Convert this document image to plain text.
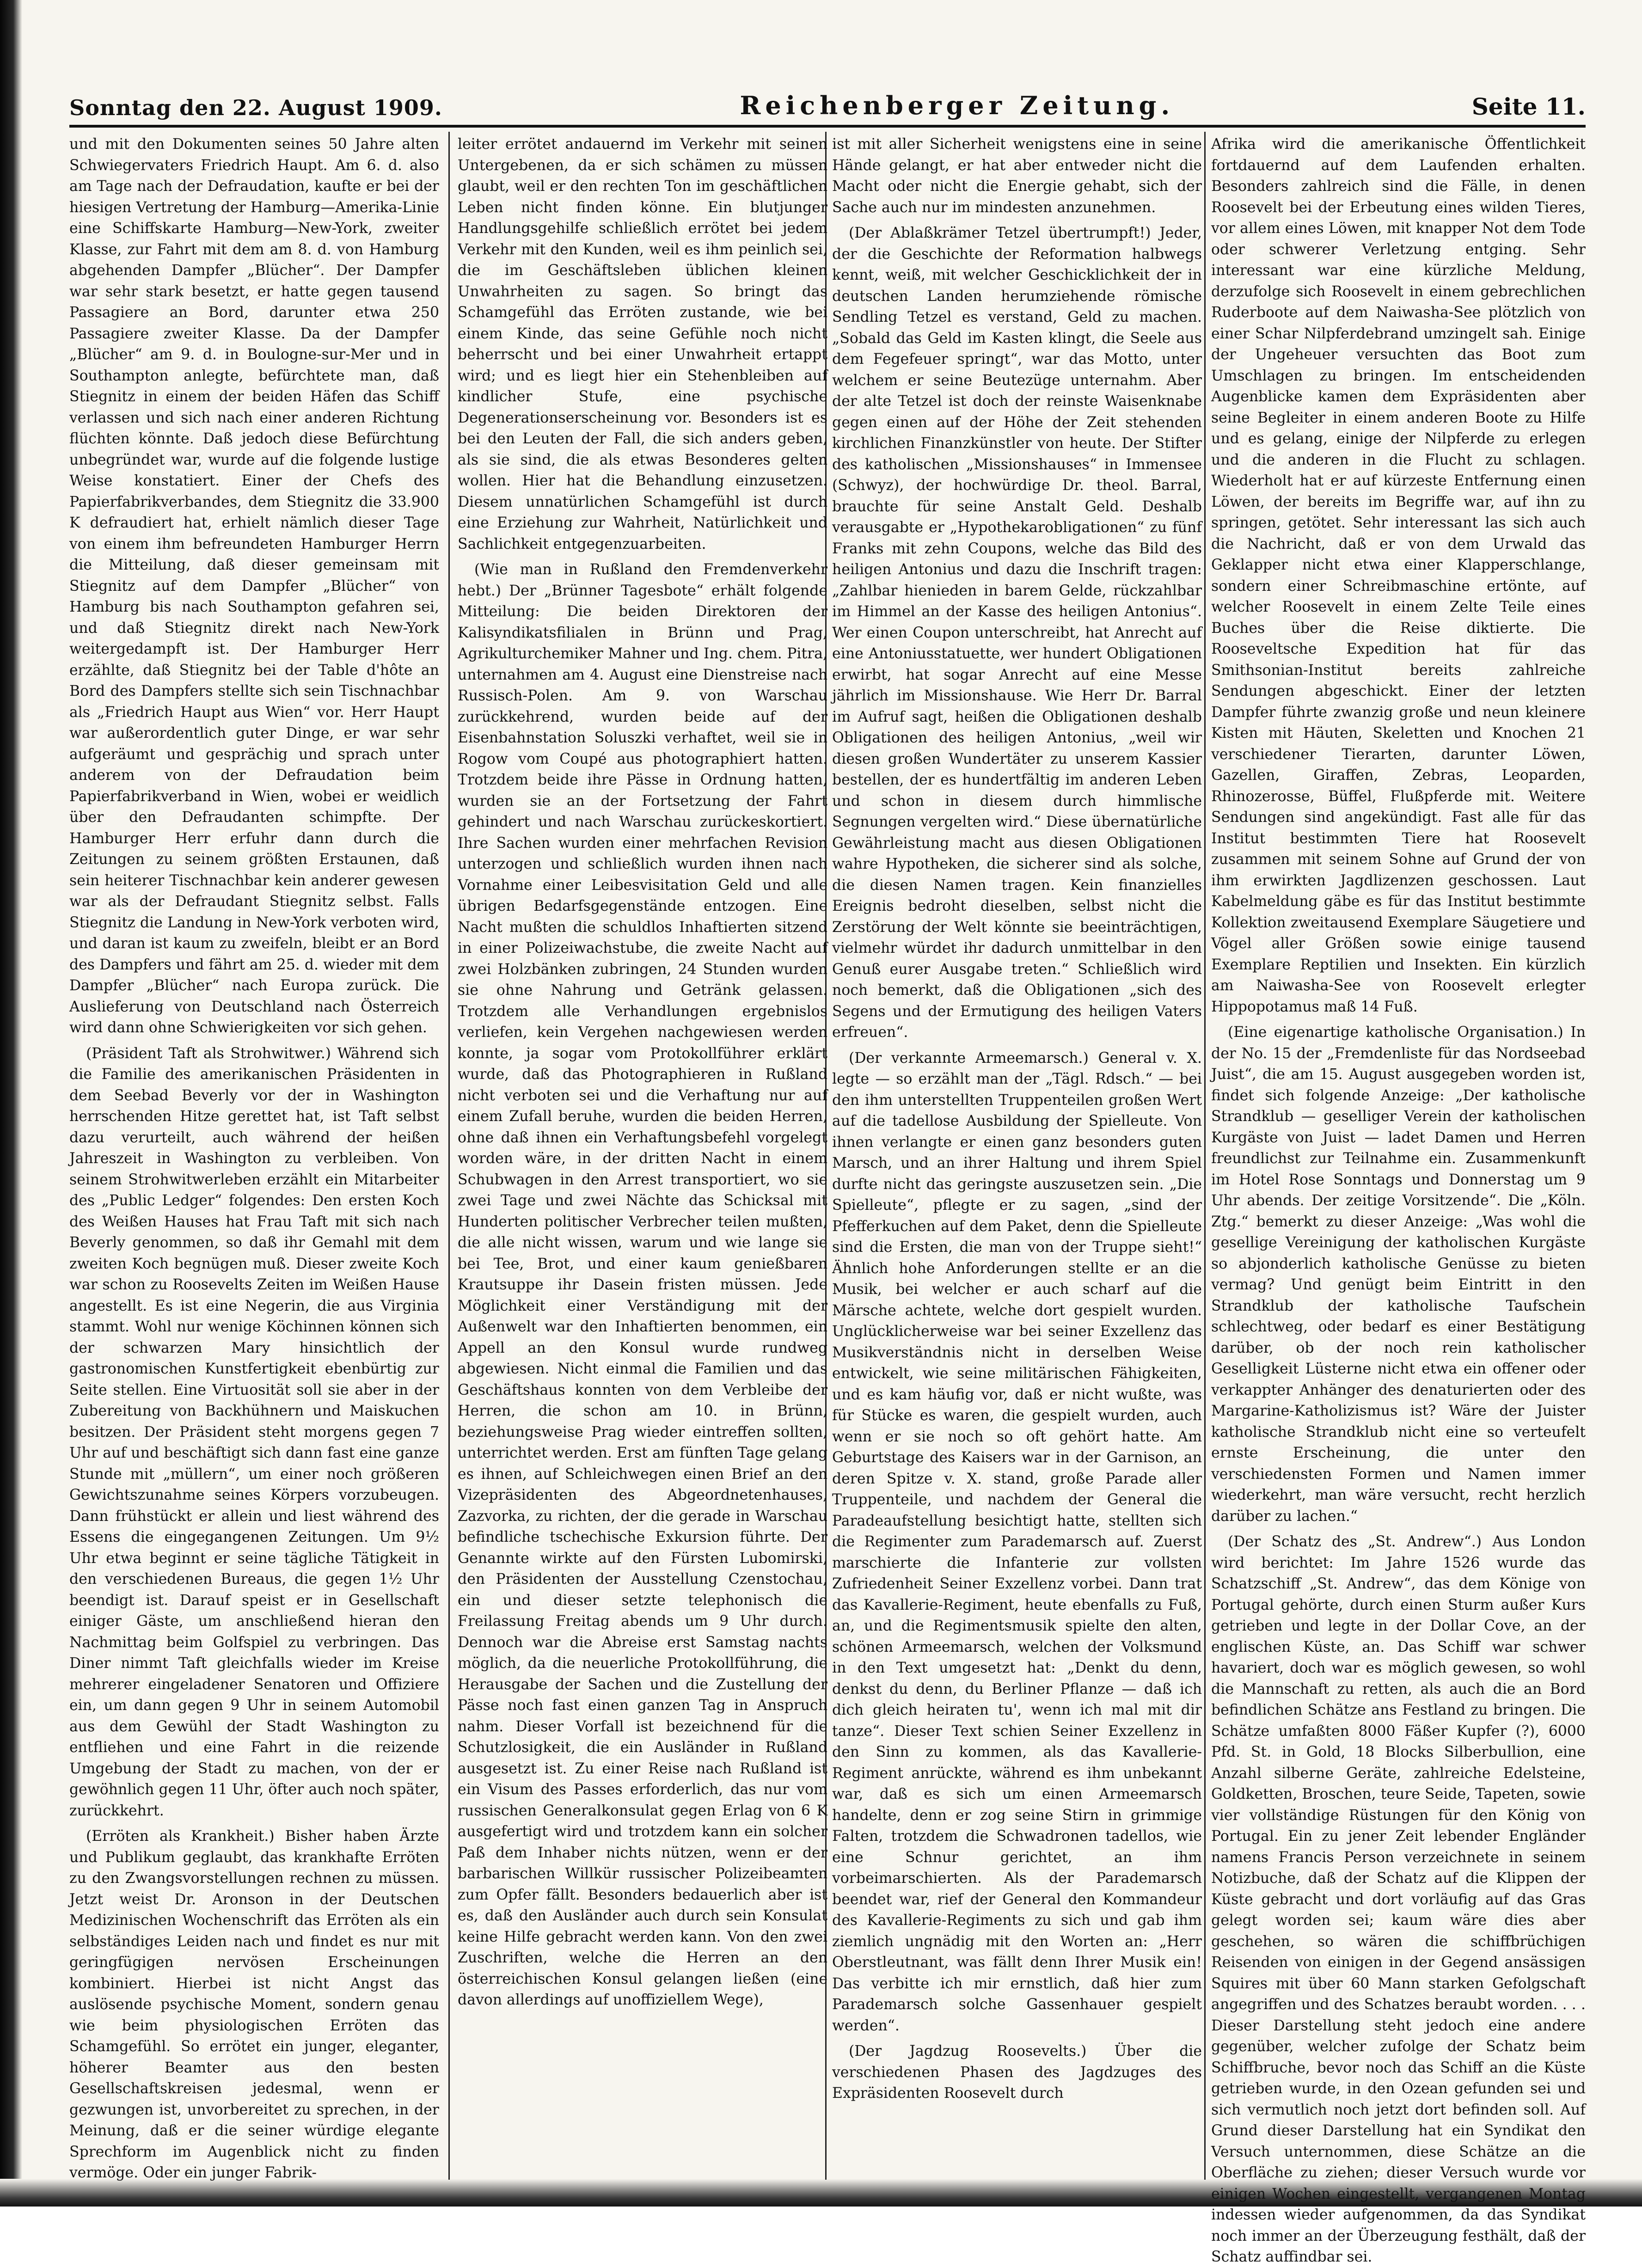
Sonntag den 22. August 1909.	Reichenberger Zeitung.	Seite 11.

und mit den Dokumenten seines 50 Jahre alten Schwiegervaters Friedrich Haupt. Am 6. d. also am Tage nach der Defraudation, kaufte er bei der hiesigen Vertretung der Hamburg—Amerika-Linie eine Schiffskarte Hamburg—New-York, zweiter Klasse, zur Fahrt mit dem am 8. d. von Hamburg abgehenden Dampfer „Blücher“. Der Dampfer war sehr stark besetzt, er hatte gegen tausend Passagiere an Bord, darunter etwa 250 Passagiere zweiter Klasse. Da der Dampfer „Blücher“ am 9. d. in Boulogne-sur-Mer und in Southampton anlegte, befürchtete man, daß Stiegnitz in einem der beiden Häfen das Schiff verlassen und sich nach einer anderen Richtung flüchten könnte. Daß jedoch diese Befürchtung unbegründet war, wurde auf die folgende lustige Weise konstatiert. Einer der Chefs des Papierfabrikverbandes, dem Stiegnitz die 33.900 K defraudiert hat, erhielt nämlich dieser Tage von einem ihm befreundeten Hamburger Herrn die Mitteilung, daß dieser gemeinsam mit Stiegnitz auf dem Dampfer „Blücher“ von Hamburg bis nach Southampton gefahren sei, und daß Stiegnitz direkt nach New-York weitergedampft ist. Der Hamburger Herr erzählte, daß Stiegnitz bei der Table d'hôte an Bord des Dampfers stellte sich sein Tischnachbar als „Friedrich Haupt aus Wien“ vor. Herr Haupt war außerordentlich guter Dinge, er war sehr aufgeräumt und gesprächig und sprach unter anderem von der Defraudation beim Papierfabrikverband in Wien, wobei er weidlich über den Defraudanten schimpfte. Der Hamburger Herr erfuhr dann durch die Zeitungen zu seinem größten Erstaunen, daß sein heiterer Tischnachbar kein anderer gewesen war als der Defraudant Stiegnitz selbst. Falls Stiegnitz die Landung in New-York verboten wird, und daran ist kaum zu zweifeln, bleibt er an Bord des Dampfers und fährt am 25. d. wieder mit dem Dampfer „Blücher“ nach Europa zurück. Die Auslieferung von Deutschland nach Österreich wird dann ohne Schwierigkeiten vor sich gehen.

(Präsident Taft als Strohwitwer.) Während sich die Familie des amerikanischen Präsidenten in dem Seebad Beverly vor der in Washington herrschenden Hitze gerettet hat, ist Taft selbst dazu verurteilt, auch während der heißen Jahreszeit in Washington zu verbleiben. Von seinem Strohwitwerleben erzählt ein Mitarbeiter des „Public Ledger“ folgendes: Den ersten Koch des Weißen Hauses hat Frau Taft mit sich nach Beverly genommen, so daß ihr Gemahl mit dem zweiten Koch begnügen muß. Dieser zweite Koch war schon zu Roosevelts Zeiten im Weißen Hause angestellt. Es ist eine Negerin, die aus Virginia stammt. Wohl nur wenige Köchinnen können sich der schwarzen Mary hinsichtlich der gastronomischen Kunstfertigkeit ebenbürtig zur Seite stellen. Eine Virtuosität soll sie aber in der Zubereitung von Backhühnern und Maiskuchen besitzen. Der Präsident steht morgens gegen 7 Uhr auf und beschäftigt sich dann fast eine ganze Stunde mit „müllern“, um einer noch größeren Gewichtszunahme seines Körpers vorzubeugen. Dann frühstückt er allein und liest während des Essens die eingegangenen Zeitungen. Um 9½ Uhr etwa beginnt er seine tägliche Tätigkeit in den verschiedenen Bureaus, die gegen 1½ Uhr beendigt ist. Darauf speist er in Gesellschaft einiger Gäste, um anschließend hieran den Nachmittag beim Golfspiel zu verbringen. Das Diner nimmt Taft gleichfalls wieder im Kreise mehrerer eingeladener Senatoren und Offiziere ein, um dann gegen 9 Uhr in seinem Automobil aus dem Gewühl der Stadt Washington zu entfliehen und eine Fahrt in die reizende Umgebung der Stadt zu machen, von der er gewöhnlich gegen 11 Uhr, öfter auch noch später, zurückkehrt.

(Erröten als Krankheit.) Bisher haben Ärzte und Publikum geglaubt, das krankhafte Erröten zu den Zwangsvorstellungen rechnen zu müssen. Jetzt weist Dr. Aronson in der Deutschen Medizinischen Wochenschrift das Erröten als ein selbständiges Leiden nach und findet es nur mit geringfügigen nervösen Erscheinungen kombiniert. Hierbei ist nicht Angst das auslösende psychische Moment, sondern genau wie beim physiologischen Erröten das Schamgefühl. So errötet ein junger, eleganter, höherer Beamter aus den besten Gesellschaftskreisen jedesmal, wenn er gezwungen ist, unvorbereitet zu sprechen, in der Meinung, daß er die seiner würdige elegante Sprechform im Augenblick nicht zu finden vermöge. Oder ein junger Fabrik-

leiter errötet andauernd im Verkehr mit seinen Untergebenen, da er sich schämen zu müssen glaubt, weil er den rechten Ton im geschäftlichen Leben nicht finden könne. Ein blutjunger Handlungsgehilfe schließlich errötet bei jedem Verkehr mit den Kunden, weil es ihm peinlich sei, die im Geschäftsleben üblichen kleinen Unwahrheiten zu sagen. So bringt das Schamgefühl das Erröten zustande, wie bei einem Kinde, das seine Gefühle noch nicht beherrscht und bei einer Unwahrheit ertappt wird; und es liegt hier ein Stehenbleiben auf kindlicher Stufe, eine psychische Degenerationserscheinung vor. Besonders ist es bei den Leuten der Fall, die sich anders geben, als sie sind, die als etwas Besonderes gelten wollen. Hier hat die Behandlung einzusetzen. Diesem unnatürlichen Schamgefühl ist durch eine Erziehung zur Wahrheit, Natürlichkeit und Sachlichkeit entgegenzuarbeiten.

(Wie man in Rußland den Fremdenverkehr hebt.) Der „Brünner Tagesbote“ erhält folgende Mitteilung: Die beiden Direktoren der Kalisyndikatsfilialen in Brünn und Prag, Agrikulturchemiker Mahner und Ing. chem. Pitra, unternahmen am 4. August eine Dienstreise nach Russisch-Polen. Am 9. von Warschau zurückkehrend, wurden beide auf der Eisenbahnstation Soluszki verhaftet, weil sie in Rogow vom Coupé aus photographiert hatten. Trotzdem beide ihre Pässe in Ordnung hatten, wurden sie an der Fortsetzung der Fahrt gehindert und nach Warschau zurückeskortiert. Ihre Sachen wurden einer mehrfachen Revision unterzogen und schließlich wurden ihnen nach Vornahme einer Leibesvisitation Geld und alle übrigen Bedarfsgegenstände entzogen. Eine Nacht mußten die schuldlos Inhaftierten sitzend in einer Polizeiwachstube, die zweite Nacht auf zwei Holzbänken zubringen, 24 Stunden wurden sie ohne Nahrung und Getränk gelassen. Trotzdem alle Verhandlungen ergebnislos verliefen, kein Vergehen nachgewiesen werden konnte, ja sogar vom Protokollführer erklärt wurde, daß das Photographieren in Rußland nicht verboten sei und die Verhaftung nur auf einem Zufall beruhe, wurden die beiden Herren, ohne daß ihnen ein Verhaftungsbefehl vorgelegt worden wäre, in der dritten Nacht in einem Schubwagen in den Arrest transportiert, wo sie zwei Tage und zwei Nächte das Schicksal mit Hunderten politischer Verbrecher teilen mußten, die alle nicht wissen, warum und wie lange sie bei Tee, Brot, und einer kaum genießbaren Krautsuppe ihr Dasein fristen müssen. Jede Möglichkeit einer Verständigung mit der Außenwelt war den Inhaftierten benommen, ein Appell an den Konsul wurde rundweg abgewiesen. Nicht einmal die Familien und das Geschäftshaus konnten von dem Verbleibe der Herren, die schon am 10. in Brünn, beziehungsweise Prag wieder eintreffen sollten, unterrichtet werden. Erst am fünften Tage gelang es ihnen, auf Schleichwegen einen Brief an den Vizepräsidenten des Abgeordnetenhauses, Zazvorka, zu richten, der die gerade in Warschau befindliche tschechische Exkursion führte. Der Genannte wirkte auf den Fürsten Lubomirski, den Präsidenten der Ausstellung Czenstochau, ein und dieser setzte telephonisch die Freilassung Freitag abends um 9 Uhr durch. Dennoch war die Abreise erst Samstag nachts möglich, da die neuerliche Protokollführung, die Herausgabe der Sachen und die Zustellung der Pässe noch fast einen ganzen Tag in Anspruch nahm. Dieser Vorfall ist bezeichnend für die Schutzlosigkeit, die ein Ausländer in Rußland ausgesetzt ist. Zu einer Reise nach Rußland ist ein Visum des Passes erforderlich, das nur vom russischen Generalkonsulat gegen Erlag von 6 K ausgefertigt wird und trotzdem kann ein solcher Paß dem Inhaber nichts nützen, wenn er der barbarischen Willkür russischer Polizeibeamten zum Opfer fällt. Besonders bedauerlich aber ist es, daß den Ausländer auch durch sein Konsulat keine Hilfe gebracht werden kann. Von den zwei Zuschriften, welche die Herren an den österreichischen Konsul gelangen ließen (eine davon allerdings auf unoffiziellem Wege),

ist mit aller Sicherheit wenigstens eine in seine Hände gelangt, er hat aber entweder nicht die Macht oder nicht die Energie gehabt, sich der Sache auch nur im mindesten anzunehmen.

(Der Ablaßkrämer Tetzel übertrumpft!) Jeder, der die Geschichte der Reformation halbwegs kennt, weiß, mit welcher Geschicklichkeit der in deutschen Landen herumziehende römische Sendling Tetzel es verstand, Geld zu machen. „Sobald das Geld im Kasten klingt, die Seele aus dem Fegefeuer springt“, war das Motto, unter welchem er seine Beutezüge unternahm. Aber der alte Tetzel ist doch der reinste Waisenknabe gegen einen auf der Höhe der Zeit stehenden kirchlichen Finanzkünstler von heute. Der Stifter des katholischen „Missionshauses“ in Immensee (Schwyz), der hochwürdige Dr. theol. Barral, brauchte für seine Anstalt Geld. Deshalb verausgabte er „Hypothekarobligationen“ zu fünf Franks mit zehn Coupons, welche das Bild des heiligen Antonius und dazu die Inschrift tragen: „Zahlbar hienieden in barem Gelde, rückzahlbar im Himmel an der Kasse des heiligen Antonius“. Wer einen Coupon unterschreibt, hat Anrecht auf eine Antoniusstatuette, wer hundert Obligationen erwirbt, hat sogar Anrecht auf eine Messe jährlich im Missionshause. Wie Herr Dr. Barral im Aufruf sagt, heißen die Obligationen deshalb Obligationen des heiligen Antonius, „weil wir diesen großen Wundertäter zu unserem Kassier bestellen, der es hundertfältig im anderen Leben und schon in diesem durch himmlische Segnungen vergelten wird.“ Diese übernatürliche Gewährleistung macht aus diesen Obligationen wahre Hypotheken, die sicherer sind als solche, die diesen Namen tragen. Kein finanzielles Ereignis bedroht dieselben, selbst nicht die Zerstörung der Welt könnte sie beeinträchtigen, vielmehr würdet ihr dadurch unmittelbar in den Genuß eurer Ausgabe treten.“ Schließlich wird noch bemerkt, daß die Obligationen „sich des Segens und der Ermutigung des heiligen Vaters erfreuen“.

(Der verkannte Armeemarsch.) General v. X. legte — so erzählt man der „Tägl. Rdsch.“ — bei den ihm unterstellten Truppenteilen großen Wert auf die tadellose Ausbildung der Spielleute. Von ihnen verlangte er einen ganz besonders guten Marsch, und an ihrer Haltung und ihrem Spiel durfte nicht das geringste auszusetzen sein. „Die Spielleute“, pflegte er zu sagen, „sind der Pfefferkuchen auf dem Paket, denn die Spielleute sind die Ersten, die man von der Truppe sieht!“ Ähnlich hohe Anforderungen stellte er an die Musik, bei welcher er auch scharf auf die Märsche achtete, welche dort gespielt wurden. Unglücklicherweise war bei seiner Exzellenz das Musikverständnis nicht in derselben Weise entwickelt, wie seine militärischen Fähigkeiten, und es kam häufig vor, daß er nicht wußte, was für Stücke es waren, die gespielt wurden, auch wenn er sie noch so oft gehört hatte. Am Geburtstage des Kaisers war in der Garnison, an deren Spitze v. X. stand, große Parade aller Truppenteile, und nachdem der General die Paradeaufstellung besichtigt hatte, stellten sich die Regimenter zum Parademarsch auf. Zuerst marschierte die Infanterie zur vollsten Zufriedenheit Seiner Exzellenz vorbei. Dann trat das Kavallerie-Regiment, heute ebenfalls zu Fuß, an, und die Regimentsmusik spielte den alten, schönen Armeemarsch, welchen der Volksmund in den Text umgesetzt hat: „Denkt du denn, denkst du denn, du Berliner Pflanze — daß ich dich gleich heiraten tu', wenn ich mal mit dir tanze“. Dieser Text schien Seiner Exzellenz in den Sinn zu kommen, als das Kavallerie-Regiment anrückte, während es ihm unbekannt war, daß es sich um einen Armeemarsch handelte, denn er zog seine Stirn in grimmige Falten, trotzdem die Schwadronen tadellos, wie eine Schnur gerichtet, an ihm vorbeimarschierten. Als der Parademarsch beendet war, rief der General den Kommandeur des Kavallerie-Regiments zu sich und gab ihm ziemlich ungnädig mit den Worten an: „Herr Oberstleutnant, was fällt denn Ihrer Musik ein! Das verbitte ich mir ernstlich, daß hier zum Parademarsch solche Gassenhauer gespielt werden“.

(Der Jagdzug Roosevelts.) Über die verschiedenen Phasen des Jagdzuges des Expräsidenten Roosevelt durch

Afrika wird die amerikanische Öffentlichkeit fortdauernd auf dem Laufenden erhalten. Besonders zahlreich sind die Fälle, in denen Roosevelt bei der Erbeutung eines wilden Tieres, vor allem eines Löwen, mit knapper Not dem Tode oder schwerer Verletzung entging. Sehr interessant war eine kürzliche Meldung, derzufolge sich Roosevelt in einem gebrechlichen Ruderboote auf dem Naiwasha-See plötzlich von einer Schar Nilpferdebrand umzingelt sah. Einige der Ungeheuer versuchten das Boot zum Umschlagen zu bringen. Im entscheidenden Augenblicke kamen dem Expräsidenten aber seine Begleiter in einem anderen Boote zu Hilfe und es gelang, einige der Nilpferde zu erlegen und die anderen in die Flucht zu schlagen. Wiederholt hat er auf kürzeste Entfernung einen Löwen, der bereits im Begriffe war, auf ihn zu springen, getötet. Sehr interessant las sich auch die Nachricht, daß er von dem Urwald das Geklapper nicht etwa einer Klapperschlange, sondern einer Schreibmaschine ertönte, auf welcher Roosevelt in einem Zelte Teile eines Buches über die Reise diktierte. Die Rooseveltsche Expedition hat für das Smithsonian-Institut bereits zahlreiche Sendungen abgeschickt. Einer der letzten Dampfer führte zwanzig große und neun kleinere Kisten mit Häuten, Skeletten und Knochen 21 verschiedener Tierarten, darunter Löwen, Gazellen, Giraffen, Zebras, Leoparden, Rhinozerosse, Büffel, Flußpferde mit. Weitere Sendungen sind angekündigt. Fast alle für das Institut bestimmten Tiere hat Roosevelt zusammen mit seinem Sohne auf Grund der von ihm erwirkten Jagdlizenzen geschossen. Laut Kabelmeldung gäbe es für das Institut bestimmte Kollektion zweitausend Exemplare Säugetiere und Vögel aller Größen sowie einige tausend Exemplare Reptilien und Insekten. Ein kürzlich am Naiwasha-See von Roosevelt erlegter Hippopotamus maß 14 Fuß.

(Eine eigenartige katholische Organisation.) In der No. 15 der „Fremdenliste für das Nordseebad Juist“, die am 15. August ausgegeben worden ist, findet sich folgende Anzeige: „Der katholische Strandklub — geselliger Verein der katholischen Kurgäste von Juist — ladet Damen und Herren freundlichst zur Teilnahme ein. Zusammenkunft im Hotel Rose Sonntags und Donnerstag um 9 Uhr abends. Der zeitige Vorsitzende“. Die „Köln. Ztg.“ bemerkt zu dieser Anzeige: „Was wohl die gesellige Vereinigung der katholischen Kurgäste so abjonderlich katholische Genüsse zu bieten vermag? Und genügt beim Eintritt in den Strandklub der katholische Taufschein schlechtweg, oder bedarf es einer Bestätigung darüber, ob der noch rein katholischer Geselligkeit Lüsterne nicht etwa ein offener oder verkappter Anhänger des denaturierten oder des Margarine-Katholizismus ist? Wäre der Juister katholische Strandklub nicht eine so verteufelt ernste Erscheinung, die unter den verschiedensten Formen und Namen immer wiederkehrt, man wäre versucht, recht herzlich darüber zu lachen.“

(Der Schatz des „St. Andrew“.) Aus London wird berichtet: Im Jahre 1526 wurde das Schatzschiff „St. Andrew“, das dem Könige von Portugal gehörte, durch einen Sturm außer Kurs getrieben und legte in der Dollar Cove, an der englischen Küste, an. Das Schiff war schwer havariert, doch war es möglich gewesen, so wohl die Mannschaft zu retten, als auch die an Bord befindlichen Schätze ans Festland zu bringen. Die Schätze umfaßten 8000 Fäßer Kupfer (?), 6000 Pfd. St. in Gold, 18 Blocks Silberbullion, eine Anzahl silberne Geräte, zahlreiche Edelsteine, Goldketten, Broschen, teure Seide, Tapeten, sowie vier vollständige Rüstungen für den König von Portugal. Ein zu jener Zeit lebender Engländer namens Francis Person verzeichnete in seinem Notizbuche, daß der Schatz auf die Klippen der Küste gebracht und dort vorläufig auf das Gras gelegt worden sei; kaum wäre dies aber geschehen, so wären die schiffbrüchigen Reisenden von einigen in der Gegend ansässigen Squires mit über 60 Mann starken Gefolgschaft angegriffen und des Schatzes beraubt worden. . . . Dieser Darstellung steht jedoch eine andere gegenüber, welcher zufolge der Schatz beim Schiffbruche, bevor noch das Schiff an die Küste getrieben wurde, in den Ozean gefunden sei und sich vermutlich noch jetzt dort befinden soll. Auf Grund dieser Darstellung hat ein Syndikat den Versuch unternommen, diese Schätze an die Oberfläche zu ziehen; dieser Versuch wurde vor einigen Wochen eingestellt, vergangenen Montag indessen wieder aufgenommen, da das Syndikat noch immer an der Überzeugung festhält, daß der Schatz auffindbar sei.
